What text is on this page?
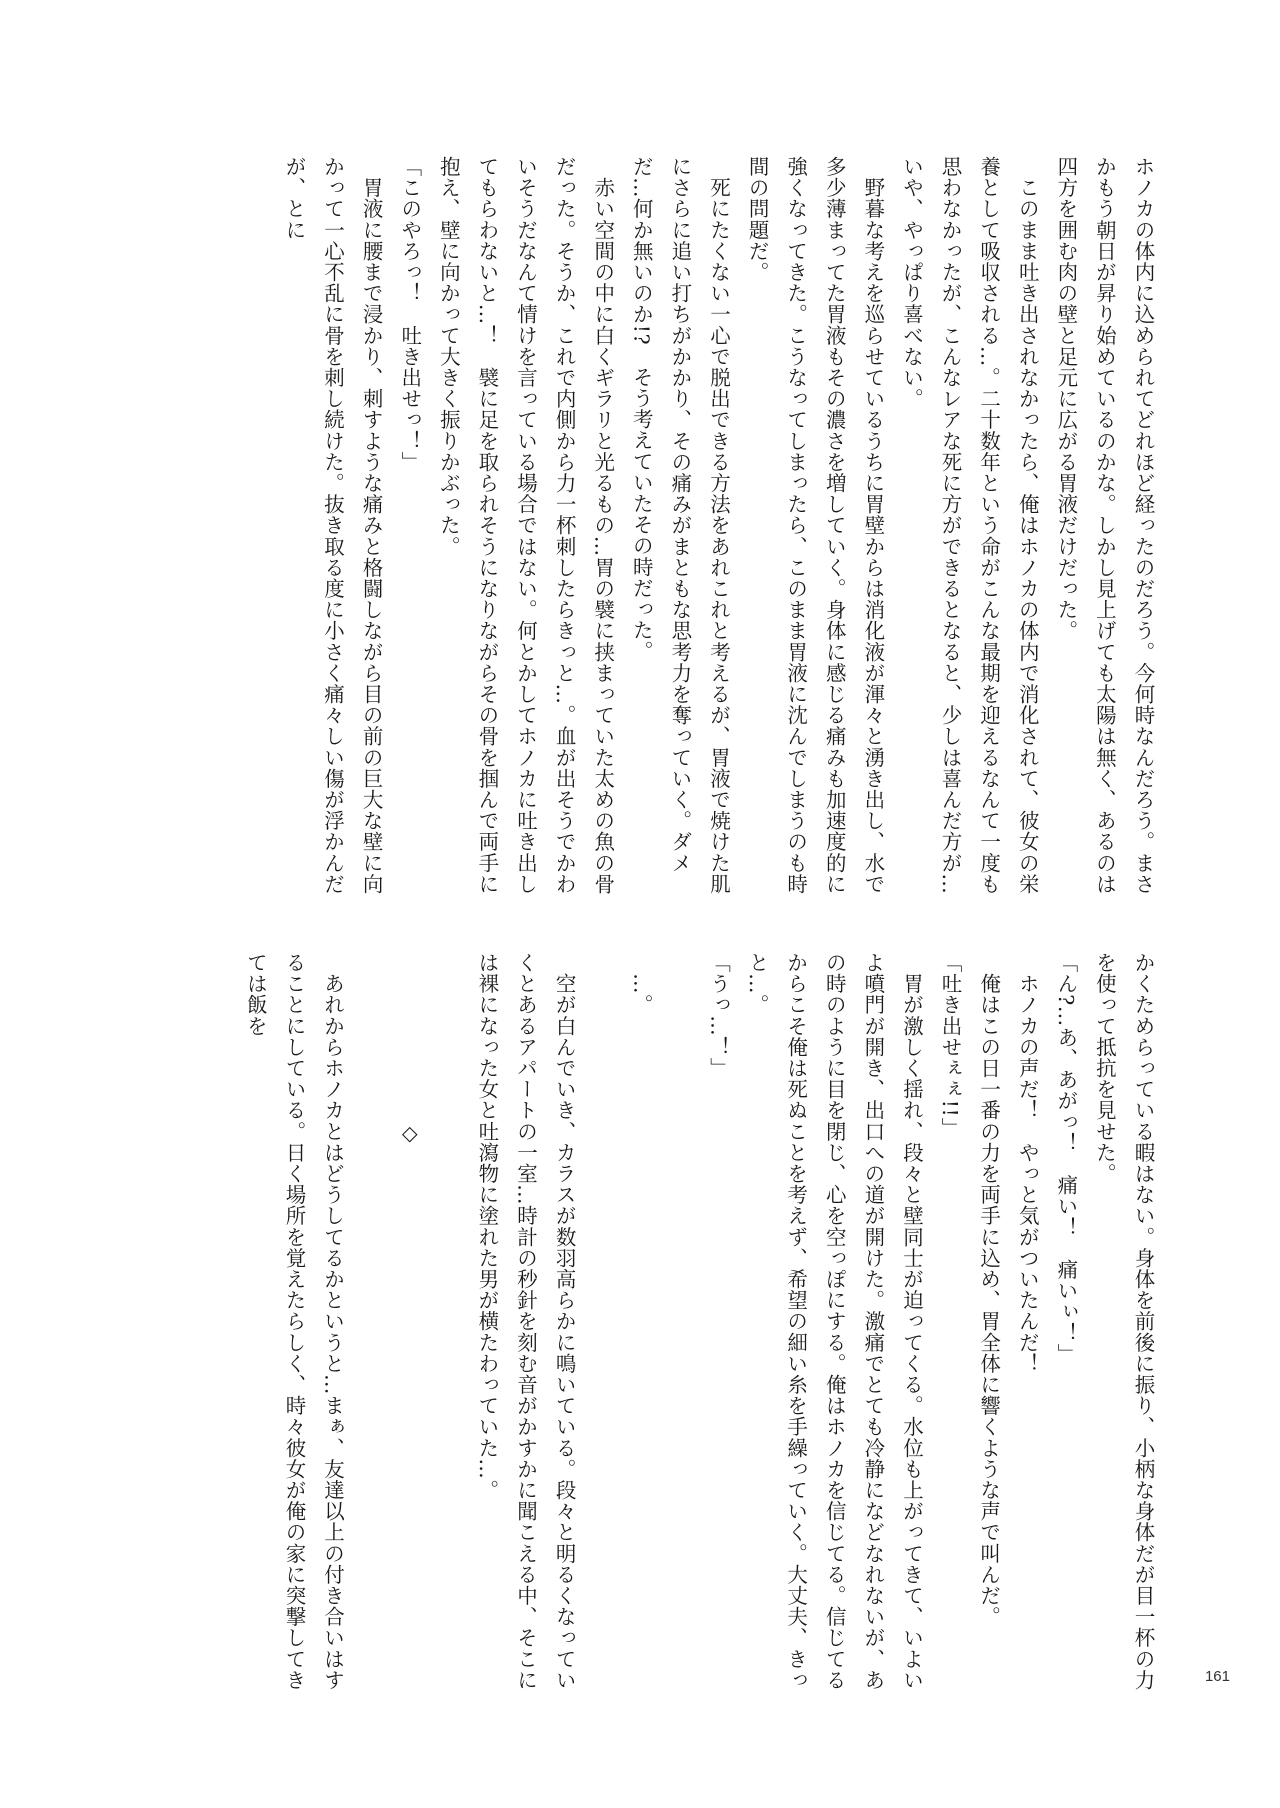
ホノカの体内に込められてどれほど経ったのだろう。今何時なんだろう。まさかもう朝日が昇り始めているのかな。しかし見上げても太陽は無く、あるのは四方を囲む肉の壁と足元に広がる胃液だけだった。

　このまま吐き出されなかったら、俺はホノカの体内で消化されて、彼女の栄養として吸収される…。二十数年という命がこんな最期を迎えるなんて一度も思わなかったが、こんなレアな死に方ができるとなると、少しは喜んだ方が…いや、やっぱり喜べない。

　野暮な考えを巡らせているうちに胃壁からは消化液が渾々と湧き出し、水で多少薄まってた胃液もその濃さを増していく。身体に感じる痛みも加速度的に強くなってきた。こうなってしまったら、このまま胃液に沈んでしまうのも時間の問題だ。

　死にたくない一心で脱出できる方法をあれこれと考えるが、胃液で焼けた肌にさらに追い打ちがかかり、その痛みがまともな思考力を奪っていく。ダメだ…何か無いのか!?　そう考えていたその時だった。

　赤い空間の中に白くギラリと光るもの…胃の襞に挟まっていた太めの魚の骨だった。そうか、これで内側から力一杯刺したらきっと…。血が出そうでかわいそうだなんて情けを言っている場合ではない。何とかしてホノカに吐き出してもらわないと…！　襞に足を取られそうになりながらその骨を掴んで両手に抱え、壁に向かって大きく振りかぶった。

「このやろっ！　吐き出せっ！」

　胃液に腰まで浸かり、刺すような痛みと格闘しながら目の前の巨大な壁に向かって一心不乱に骨を刺し続けた。抜き取る度に小さく痛々しい傷が浮かんだが、とに

かくためらっている暇はない。身体を前後に振り、小柄な身体だが目一杯の力を使って抵抗を見せた。

「ん?…あ、あがっ！　痛い！　痛いぃ！」

　ホノカの声だ！　やっと気がついたんだ！

　俺はこの日一番の力を両手に込め、胃全体に響くような声で叫んだ。

「吐き出せぇぇ!!」

　胃が激しく揺れ、段々と壁同士が迫ってくる。水位も上がってきて、いよいよ噴門が開き、出口への道が開けた。激痛でとても冷静になどなれないが、あの時のように目を閉じ、心を空っぽにする。俺はホノカを信じてる。信じてるからこそ俺は死ぬことを考えず、希望の細い糸を手繰っていく。大丈夫、きっと…。

「うっ…！」

　…。

　空が白んでいき、カラスが数羽高らかに鳴いている。段々と明るくなっていくとあるアパートの一室…時計の秒針を刻む音がかすかに聞こえる中、そこには裸になった女と吐瀉物に塗れた男が横たわっていた…。

　　　　　　　　◇

　あれからホノカとはどうしてるかというと…まぁ、友達以上の付き合いはすることにしている。日く場所を覚えたらしく、時々彼女が俺の家に突撃してきては飯を

161
